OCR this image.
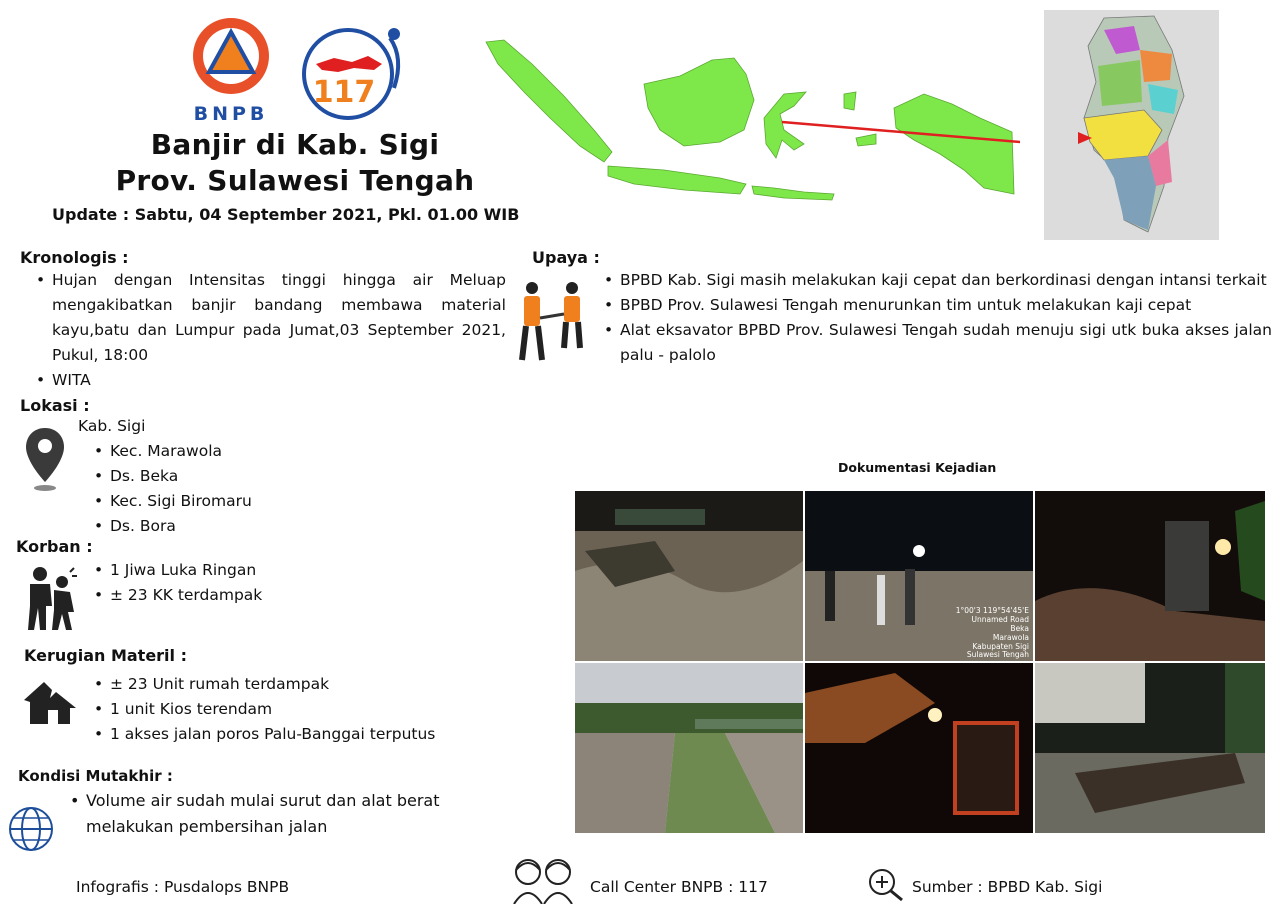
BNPB
117
Banjir di Kab. Sigi
Prov. Sulawesi Tengah
Update : Sabtu, 04 September 2021, Pkl. 01.00 WIB
Kronologis :
• Hujan dengan Intensitas tinggi hingga air Meluap mengakibatkan banjir bandang membawa material kayu,batu dan Lumpur pada Jumat,03 September 2021, Pukul, 18:00
• WITA
Upaya :
• BPBD Kab. Sigi masih melakukan kaji cepat dan berkordinasi dengan intansi terkait
• BPBD Prov. Sulawesi Tengah menurunkan tim untuk melakukan kaji cepat
• Alat eksavator BPBD Prov. Sulawesi Tengah sudah menuju sigi utk buka akses jalan palu - palolo
Lokasi :
Kab. Sigi
• Kec. Marawola
• Ds. Beka
• Kec. Sigi Biromaru
• Ds. Bora
Korban :
• 1 Jiwa Luka Ringan
• ± 23 KK terdampak
Kerugian Materil :
• ± 23 Unit rumah terdampak
• 1 unit Kios terendam
• 1 akses jalan poros Palu-Banggai terputus
Kondisi Mutakhir :
• Volume air sudah mulai surut dan alat berat melakukan pembersihan jalan
Dokumentasi Kejadian
1°00'3 119°54'45'E
Unnamed Road
Beka
Marawola
Kabupaten Sigi
Sulawesi Tengah
Infografis : Pusdalops BNPB	Call Center BNPB : 117	Sumber : BPBD Kab. Sigi
